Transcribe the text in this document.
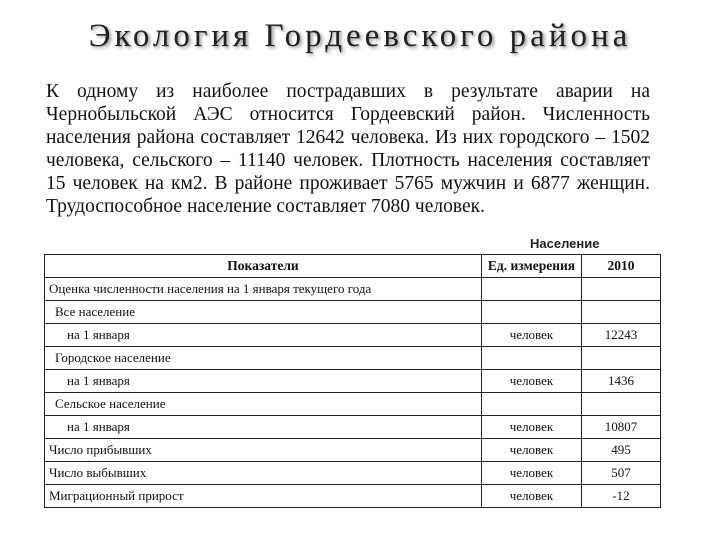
Экология Гордеевского района
К одному из наиболее пострадавших в результате аварии на Чернобыльской АЭС относится Гордеевский район. Численность населения района составляет 12642 человека. Из них городского – 1502 человека, сельского – 11140 человек. Плотность населения составляет 15 человек на км2. В районе проживает 5765 мужчин и 6877 женщин. Трудоспособное население составляет 7080 человек.
Население
Показатели	Ед. измерения	2010
Оценка численности населения на 1 января текущего года		
Все население		
на 1 января	человек	12243
Городское население		
на 1 января	человек	1436
Сельское население		
на 1 января	человек	10807
Число прибывших	человек	495
Число выбывших	человек	507
Миграционный прирост	человек	-12
